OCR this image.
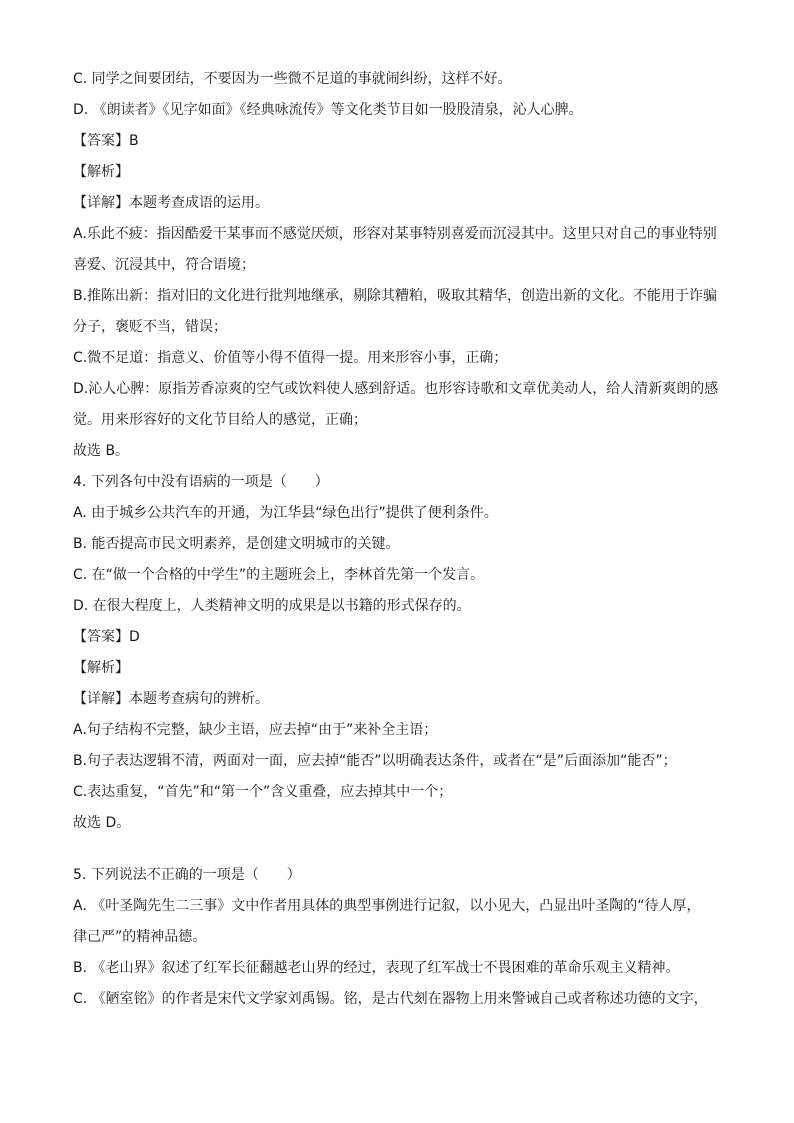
C. 同学之间要团结，不要因为一些微不足道的事就闹纠纷，这样不好。
D. 《朗读者》《见字如面》《经典咏流传》等文化类节目如一股股清泉，沁人心脾。
【答案】B
【解析】
【详解】本题考查成语的运用。
A.乐此不疲：指因酷爱干某事而不感觉厌烦，形容对某事特别喜爱而沉浸其中。这里只对自己的事业特别
喜爱、沉浸其中，符合语境；
B.推陈出新：指对旧的文化进行批判地继承，剔除其糟粕，吸取其精华，创造出新的文化。不能用于诈骗
分子，褒贬不当，错误；
C.微不足道：指意义、价值等小得不值得一提。用来形容小事，正确；
D.沁人心脾：原指芳香凉爽的空气或饮料使人感到舒适。也形容诗歌和文章优美动人，给人清新爽朗的感
觉。用来形容好的文化节目给人的感觉，正确；
故选 B。
4. 下列各句中没有语病的一项是（　　）
A. 由于城乡公共汽车的开通，为江华县“绿色出行”提供了便利条件。
B. 能否提高市民文明素养，是创建文明城市的关键。
C. 在“做一个合格的中学生”的主题班会上，李林首先第一个发言。
D. 在很大程度上，人类精神文明的成果是以书籍的形式保存的。
【答案】D
【解析】
【详解】本题考查病句的辨析。
A.句子结构不完整，缺少主语，应去掉“由于”来补全主语；
B.句子表达逻辑不清，两面对一面，应去掉“能否”以明确表达条件，或者在“是”后面添加“能否”；
C.表达重复，“首先”和“第一个”含义重叠，应去掉其中一个；
故选 D。
5. 下列说法不正确的一项是（　　）
A. 《叶圣陶先生二三事》文中作者用具体的典型事例进行记叙，以小见大，凸显出叶圣陶的“待人厚，
律己严”的精神品德。
B. 《老山界》叙述了红军长征翻越老山界的经过，表现了红军战士不畏困难的革命乐观主义精神。
C. 《陋室铭》的作者是宋代文学家刘禹锡。铭，是古代刻在器物上用来警诫自己或者称述功德的文字，
